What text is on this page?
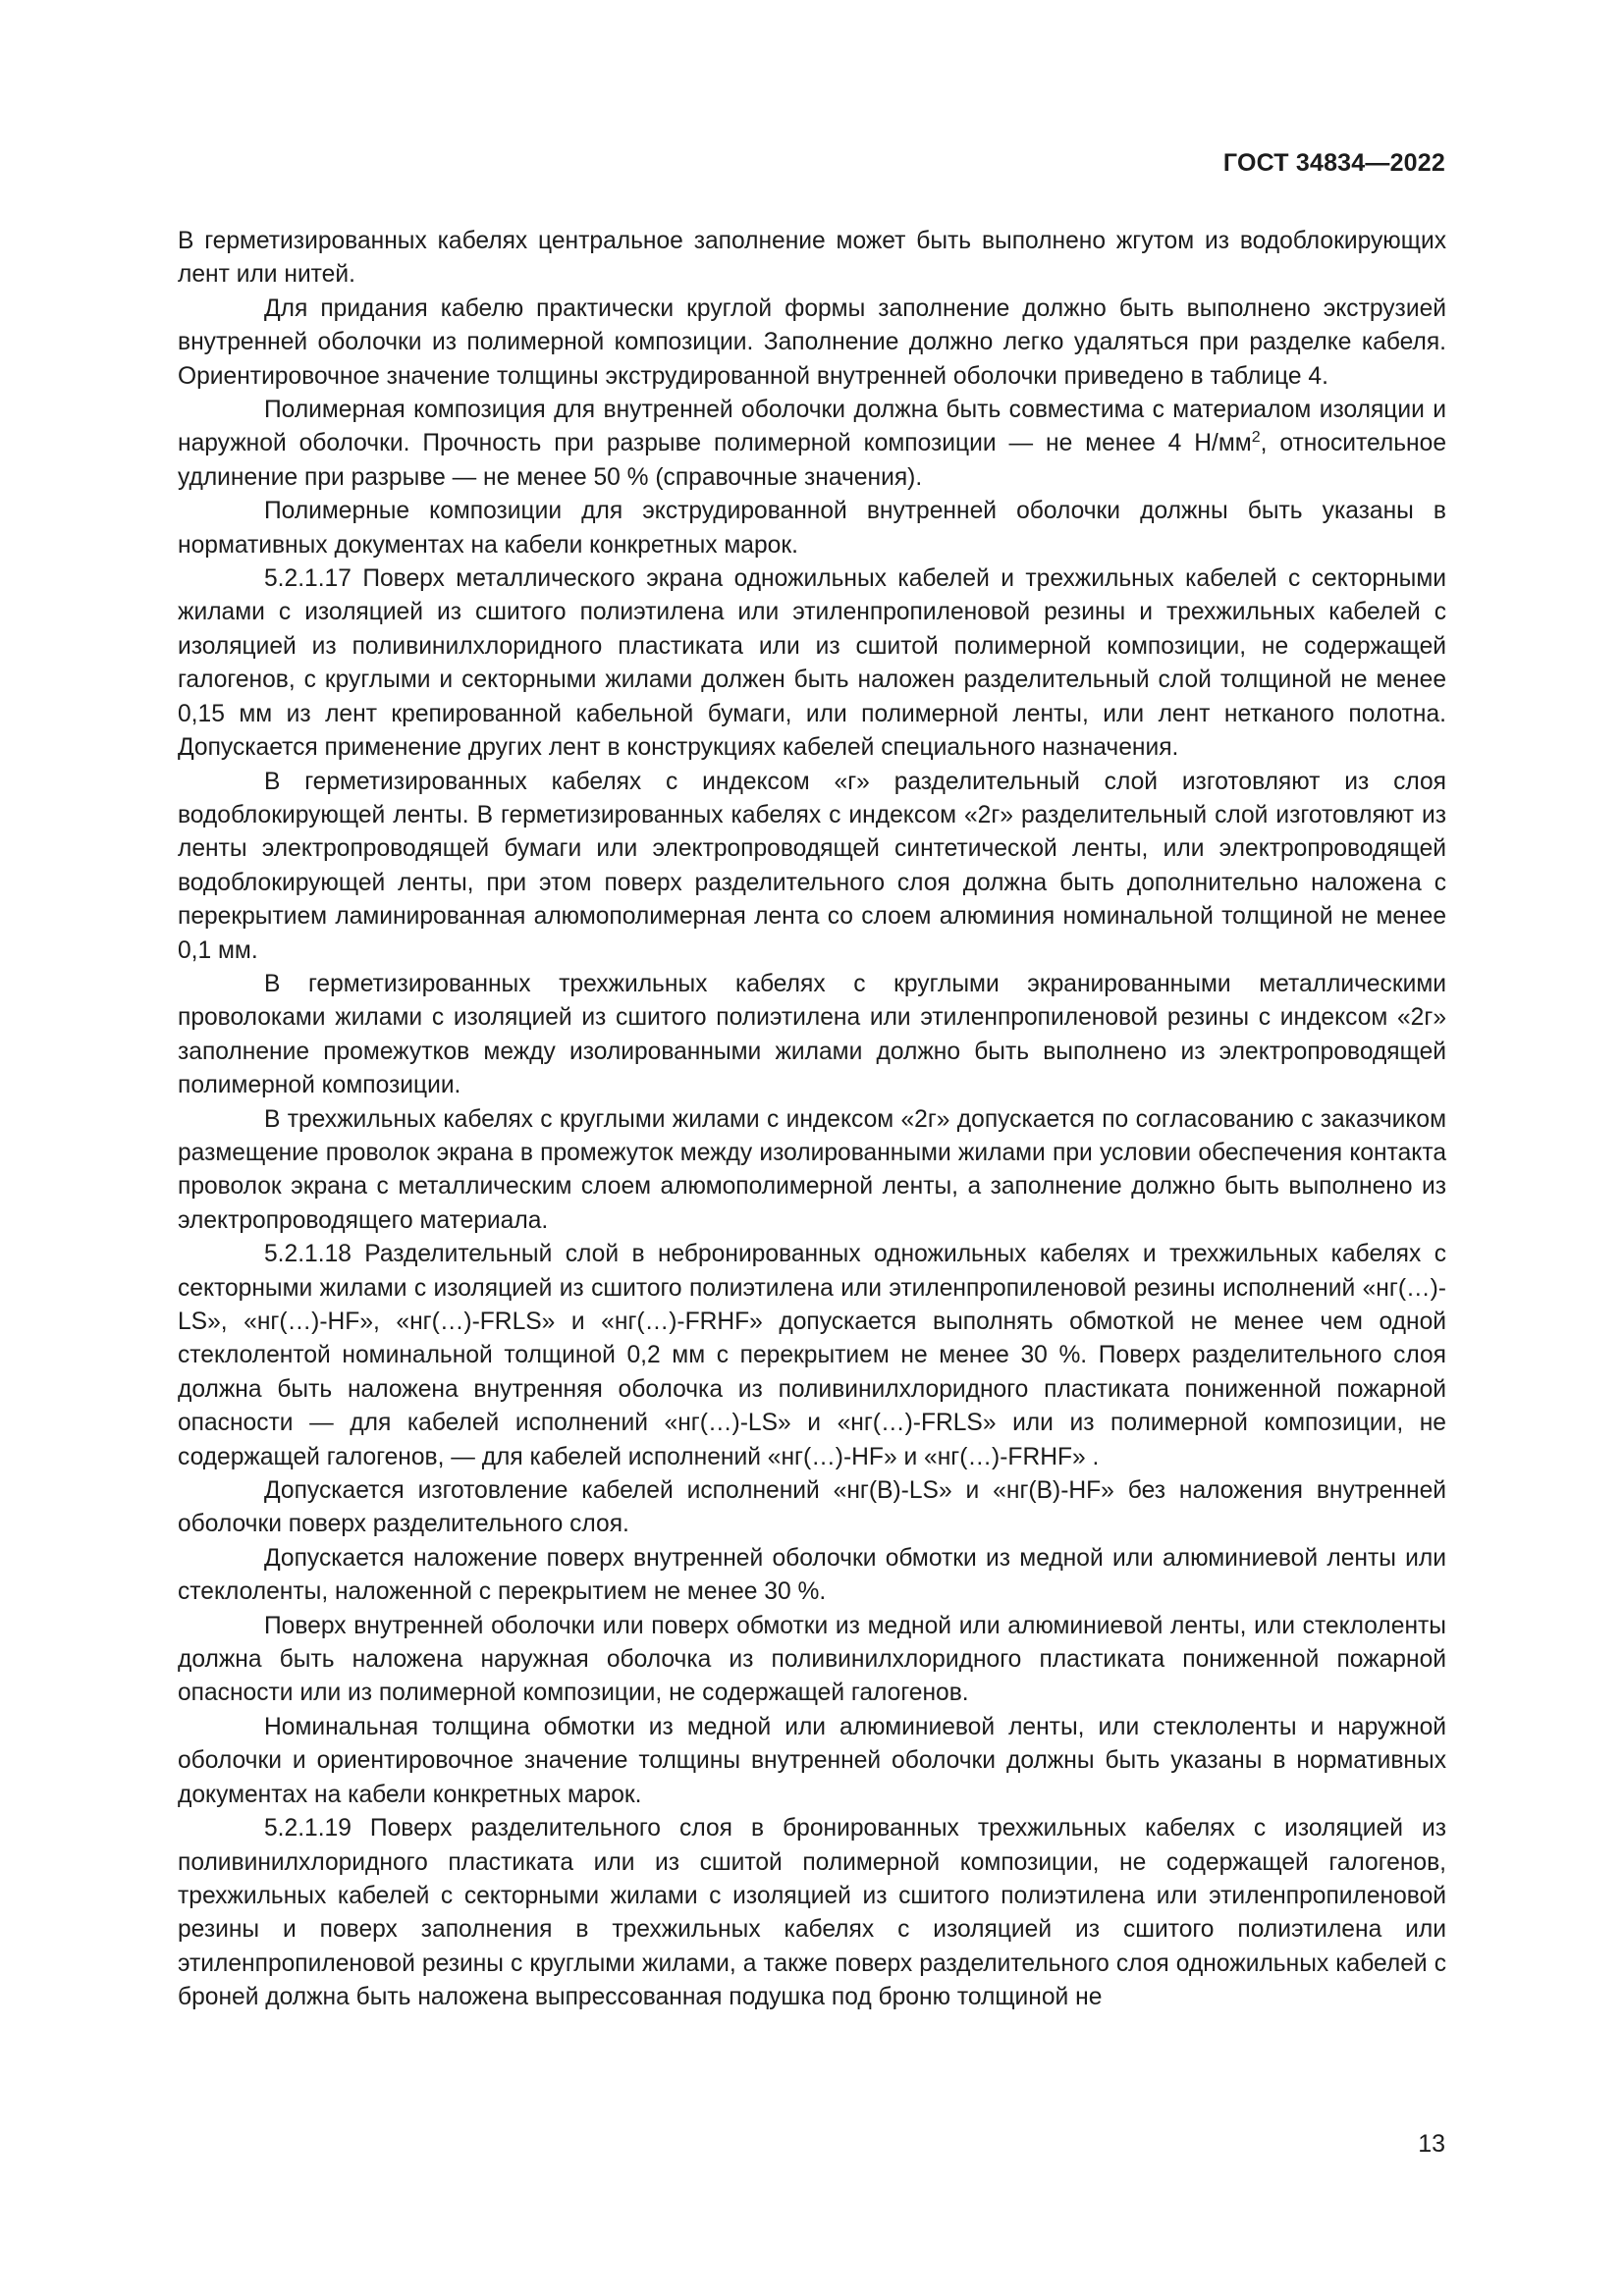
ГОСТ 34834—2022

В герметизированных кабелях центральное заполнение может быть выполнено жгутом из водоблокирующих лент или нитей.

Для придания кабелю практически круглой формы заполнение должно быть выполнено экструзией внутренней оболочки из полимерной композиции. Заполнение должно легко удаляться при разделке кабеля. Ориентировочное значение толщины экструдированной внутренней оболочки приведено в таблице 4.

Полимерная композиция для внутренней оболочки должна быть совместима с материалом изоляции и наружной оболочки. Прочность при разрыве полимерной композиции — не менее 4 $Н/мм^2$, относительное удлинение при разрыве — не менее 50 % (справочные значения).

Полимерные композиции для экструдированной внутренней оболочки должны быть указаны в нормативных документах на кабели конкретных марок.

5.2.1.17 Поверх металлического экрана одножильных кабелей и трехжильных кабелей с секторными жилами с изоляцией из сшитого полиэтилена или этиленпропиленовой резины и трехжильных кабелей с изоляцией из поливинилхлоридного пластиката или из сшитой полимерной композиции, не содержащей галогенов, с круглыми и секторными жилами должен быть наложен разделительный слой толщиной не менее 0,15 мм из лент крепированной кабельной бумаги, или полимерной ленты, или лент нетканого полотна. Допускается применение других лент в конструкциях кабелей специального назначения.

В герметизированных кабелях с индексом «г» разделительный слой изготовляют из слоя водоблокирующей ленты. В герметизированных кабелях с индексом «2г» разделительный слой изготовляют из ленты электропроводящей бумаги или электропроводящей синтетической ленты, или электропроводящей водоблокирующей ленты, при этом поверх разделительного слоя должна быть дополнительно наложена с перекрытием ламинированная алюмополимерная лента со слоем алюминия номинальной толщиной не менее 0,1 мм.

В герметизированных трехжильных кабелях с круглыми экранированными металлическими проволоками жилами с изоляцией из сшитого полиэтилена или этиленпропиленовой резины с индексом «2г» заполнение промежутков между изолированными жилами должно быть выполнено из электропроводящей полимерной композиции.

В трехжильных кабелях с круглыми жилами с индексом «2г» допускается по согласованию с заказчиком размещение проволок экрана в промежуток между изолированными жилами при условии обеспечения контакта проволок экрана с металлическим слоем алюмополимерной ленты, а заполнение должно быть выполнено из электропроводящего материала.

5.2.1.18 Разделительный слой в небронированных одножильных кабелях и трехжильных кабелях с секторными жилами с изоляцией из сшитого полиэтилена или этиленпропиленовой резины исполнений «нг(…)-LS», «нг(…)-HF», «нг(…)-FRLS» и «нг(…)-FRHF» допускается выполнять обмоткой не менее чем одной стеклолентой номинальной толщиной 0,2 мм с перекрытием не менее 30 %. Поверх разделительного слоя должна быть наложена внутренняя оболочка из поливинилхлоридного пластиката пониженной пожарной опасности — для кабелей исполнений «нг(…)-LS» и «нг(…)-FRLS» или из полимерной композиции, не содержащей галогенов, — для кабелей исполнений «нг(…)-HF» и «нг(…)-FRHF» .

Допускается изготовление кабелей исполнений «нг(В)-LS» и «нг(В)-HF» без наложения внутренней оболочки поверх разделительного слоя.

Допускается наложение поверх внутренней оболочки обмотки из медной или алюминиевой ленты или стеклоленты, наложенной с перекрытием не менее 30 %.

Поверх внутренней оболочки или поверх обмотки из медной или алюминиевой ленты, или стеклоленты должна быть наложена наружная оболочка из поливинилхлоридного пластиката пониженной пожарной опасности или из полимерной композиции, не содержащей галогенов.

Номинальная толщина обмотки из медной или алюминиевой ленты, или стеклоленты и наружной оболочки и ориентировочное значение толщины внутренней оболочки должны быть указаны в нормативных документах на кабели конкретных марок.

5.2.1.19 Поверх разделительного слоя в бронированных трехжильных кабелях с изоляцией из поливинилхлоридного пластиката или из сшитой полимерной композиции, не содержащей галогенов, трехжильных кабелей с секторными жилами с изоляцией из сшитого полиэтилена или этиленпропиленовой резины и поверх заполнения в трехжильных кабелях с изоляцией из сшитого полиэтилена или этиленпропиленовой резины с круглыми жилами, а также поверх разделительного слоя одножильных кабелей с броней должна быть наложена выпрессованная подушка под броню толщиной не

13
